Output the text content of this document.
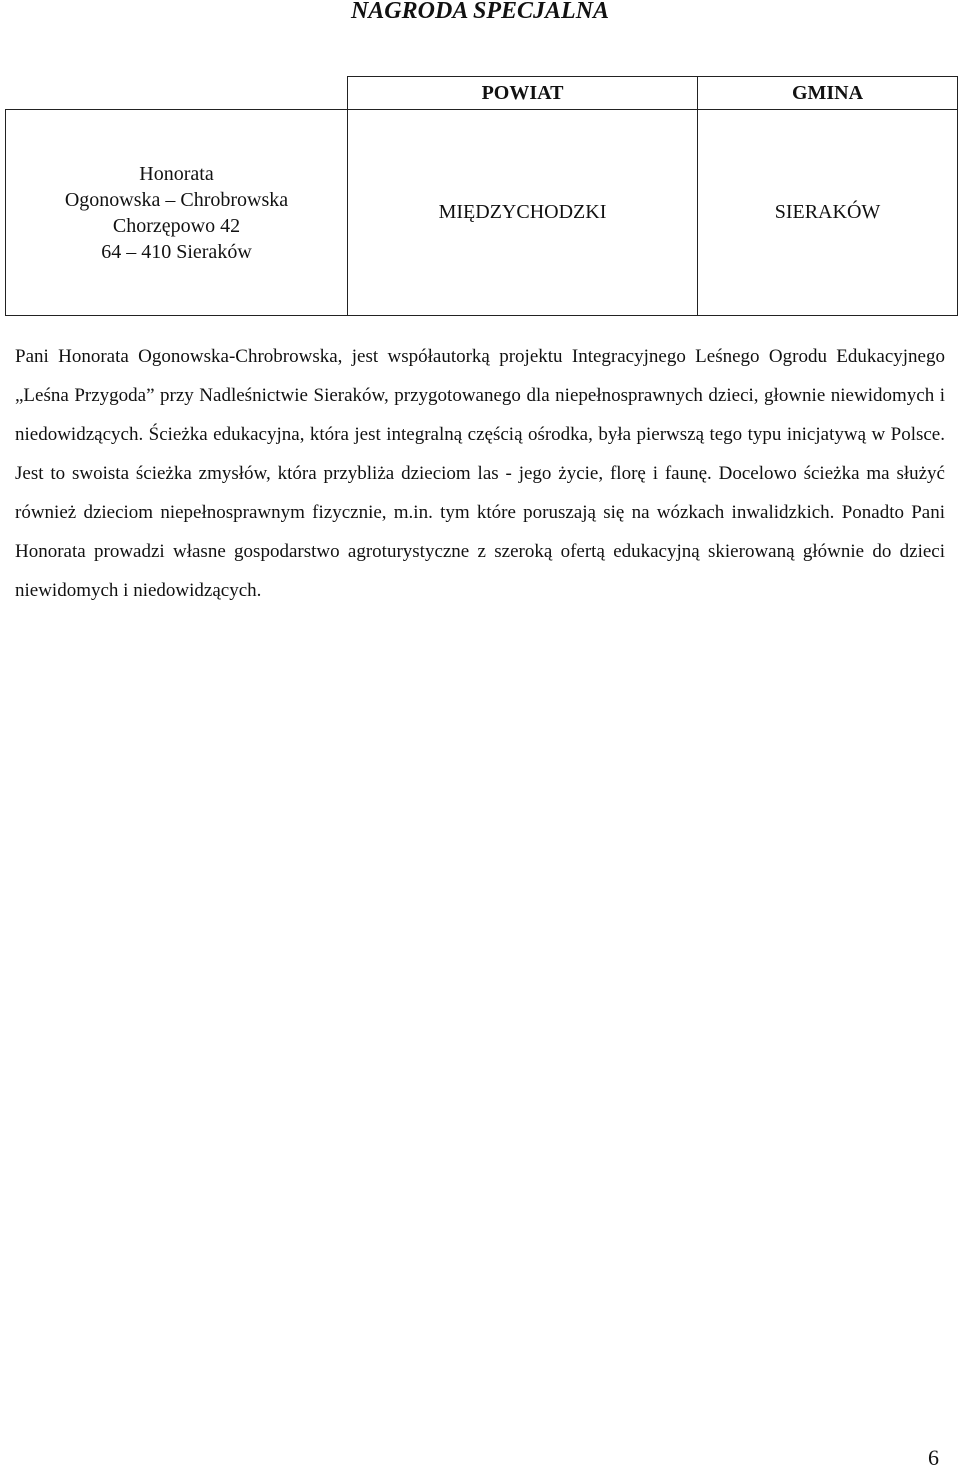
NAGRODA SPECJALNA
	POWIAT	GMINA

Honorata
Ogonowska – Chrobrowska
Chorzępowo 42
64 – 410 Sieraków	MIĘDZYCHODZKI	SIERAKÓW

Pani Honorata Ogonowska-Chrobrowska, jest współautorką projektu Integracyjnego Leśnego Ogrodu Edukacyjnego „Leśna Przygoda” przy Nadleśnictwie Sieraków, przygotowanego dla niepełnosprawnych dzieci, głownie niewidomych i niedowidzących. Ścieżka edukacyjna, która jest integralną częścią ośrodka, była pierwszą tego typu inicjatywą w Polsce. Jest to swoista ścieżka zmysłów, która przybliża dzieciom las - jego życie, florę i faunę. Docelowo ścieżka ma służyć również dzieciom niepełnosprawnym fizycznie, m.in. tym które poruszają się na wózkach inwalidzkich. Ponadto Pani Honorata prowadzi własne gospodarstwo agroturystyczne z szeroką ofertą edukacyjną skierowaną głównie do dzieci niewidomych i niedowidzących.

6
